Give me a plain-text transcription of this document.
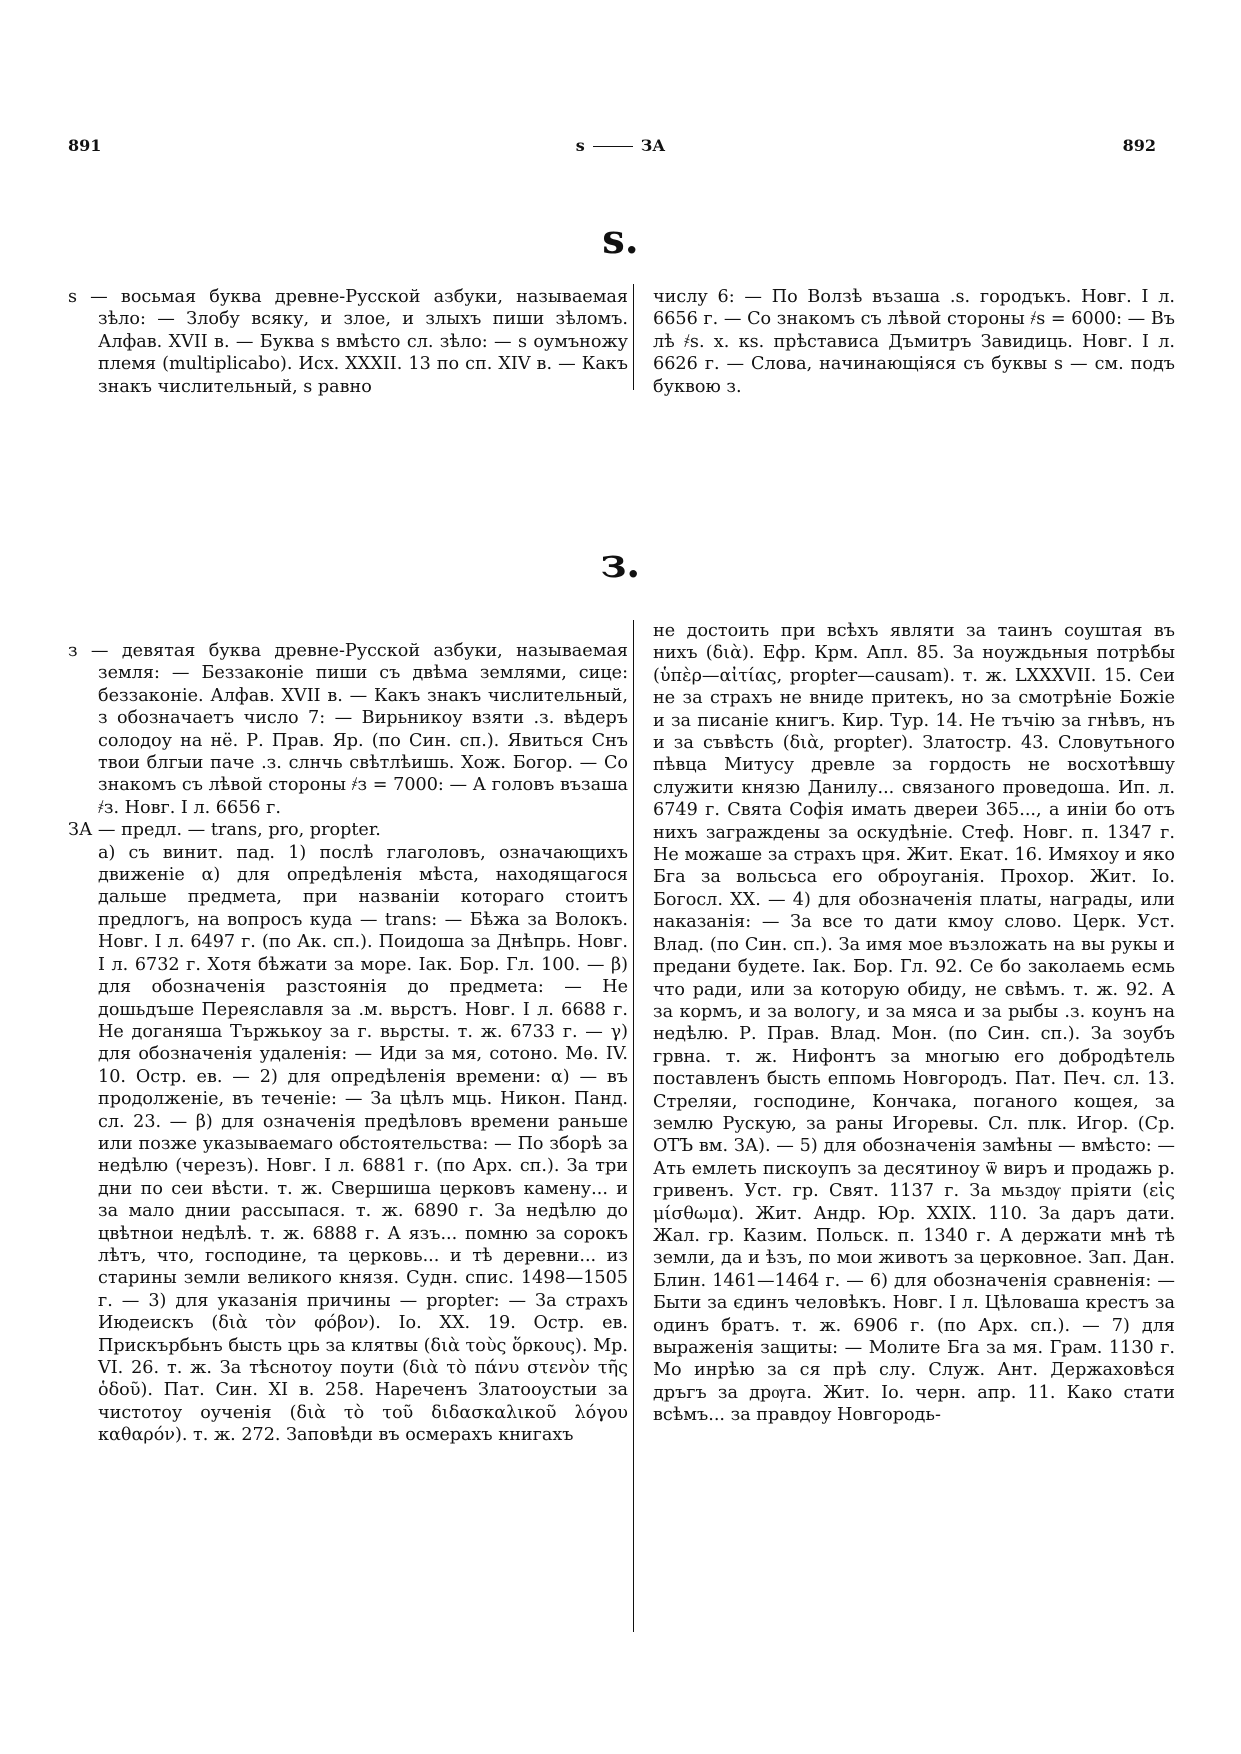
891	ѕ	ЗА	892
ѕ.

ѕ — восьмая буква древне-Русской азбуки, называемая зѣло: — Злобу всяку, и злое, и злыхъ пиши зѣломъ. Алфав. XVII в. — Буква ѕ вмѣсто сл. зѣло: — ѕ оумъножу племя (multiplicabo). Исх. XXXII. 13 по сп. XIV в. — Какъ знакъ числительный, ѕ равно

числу 6: — По Волзѣ възаша .ѕ. городъкъ. Новг. I л. 6656 г. — Со знакомъ съ лѣвой стороны ҂ѕ = 6000: — Въ лѣ ҂ѕ. х. кѕ. прѣстависа Дъмитръ Завидиць. Новг. I л. 6626 г. — Слова, начинающіяся съ буквы ѕ — см. подъ буквою з.

з.

з — девятая буква древне-Русской азбуки, называемая земля: — Беззаконіе пиши съ двѣма землями, сице: беззаконіе. Алфав. XVII в. — Какъ знакъ числительный, з обозначаетъ число 7: — Вирьникоу взяти .з. вѣдеръ солодоу на нё. Р. Прав. Яр. (по Син. сп.). Явиться Снъ твои блгыи паче .з. слнчь свѣтлѣишь. Хож. Богор. — Со знакомъ съ лѣвой стороны ҂з = 7000: — А головъ възаша ҂з. Новг. I л. 6656 г.

ЗА — предл. — trans, pro, propter.

а) съ винит. пад. 1) послѣ глаголовъ, означающихъ движеніе α) для опредѣленія мѣста, находящагося дальше предмета, при названіи котораго стоитъ предлогъ, на вопросъ куда — trans: — Бѣжа за Волокъ. Новг. I л. 6497 г. (по Ак. сп.). Поидоша за Днѣпрь. Новг. I л. 6732 г. Хотя бѣжати за море. Іак. Бор. Гл. 100. — β) для обозначенія разстоянія до предмета: — Не дошьдъше Переяславля за .м. вьрстъ. Новг. I л. 6688 г. Не доганяша Тържькоу за г. вьрсты. т. ж. 6733 г. — γ) для обозначенія удаленія: — Иди за мя, сотоно. Мѳ. IV. 10. Остр. ев. — 2) для опредѣленія времени: α) — въ продолженіе, въ теченіе: — За цѣлъ мць. Никон. Панд. сл. 23. — β) для означенія предѣловъ времени раньше или позже указываемаго обстоятельства: — По зборѣ за недѣлю (черезъ). Новг. I л. 6881 г. (по Арх. сп.). За три дни по сеи вѣсти. т. ж. Свершиша церковъ камену... и за мало днии рассыпася. т. ж. 6890 г. За недѣлю до цвѣтнои недѣлѣ. т. ж. 6888 г. А язъ... помню за сорокъ лѣтъ, что, господине, та церковь... и тѣ деревни... из старины земли великого князя. Судн. спис. 1498—1505 г. — 3) для указанія причины — propter: — За страхъ Июдеискъ (διὰ τὸν φόβον). Іо. XX. 19. Остр. ев. Прискърбьнъ бысть црь за клятвы (διὰ τοὺς ὅρκους). Мр. VI. 26. т. ж. За тѣснотоу поути (διὰ τὸ πάνυ στενὸν τῆς ὁδοῦ). Пат. Син. XI в. 258. Нареченъ Златооустыи за чистотоу оученія (διὰ τὸ τοῦ διδασκαλικοῦ λόγου καθαρόν). т. ж. 272. Заповѣди въ осмерахъ книгахъ

не достоить при всѣхъ являти за таинъ соуштая въ нихъ (διὰ). Ефр. Крм. Апл. 85. За ноуждьныя потрѣбы (ὑπὲρ—αἰτίας, propter—causam). т. ж. LXXXVII. 15. Сеи не за страхъ не вниде притекъ, но за смотрѣніе Божіе и за писаніе книгъ. Кир. Тур. 14. Не тъчію за гнѣвъ, нъ и за съвѣсть (διὰ, propter). Златостр. 43. Словутьного пѣвца Митусу древле за гордость не восхотѣвшу служити князю Данилу... связаного проведоша. Ип. л. 6749 г. Свята Софія имать двереи 365..., а иніи бо отъ нихъ заграждены за оскудѣніе. Стеф. Новг. п. 1347 г. Не можаше за страхъ цря. Жит. Екат. 16. Имяхоу и яко Бга за вольсьса его оброуганія. Прохор. Жит. Іо. Богосл. XX. — 4) для обозначенія платы, награды, или наказанія: — За все то дати кмоу слово. Церк. Уст. Влад. (по Син. сп.). За имя мое възложать на вы рукы и предани будете. Іак. Бор. Гл. 92. Се бо заколаемь есмь что ради, или за которую обиду, не свѣмъ. т. ж. 92. А за кормъ, и за вологу, и за мяса и за рыбы .з. коунъ на недѣлю. Р. Прав. Влад. Мон. (по Син. сп.). За зоубъ грвна. т. ж. Нифонтъ за многыю его добродѣтель поставленъ бысть еппомь Новгородъ. Пат. Печ. сл. 13. Стреляи, господине, Кончака, поганого кощея, за землю Рускую, за раны Игоревы. Сл. плк. Игор. (Ср. ОТЪ вм. ЗА). — 5) для обозначенія замѣны — вмѣсто: — Ать емлеть пискоупъ за десятиноу ѿ виръ и продажь р. гривенъ. Уст. гр. Свят. 1137 г. За мьздѹ пріяти (εἰς μίσθωμα). Жит. Андр. Юр. XXIX. 110. За даръ дати. Жал. гр. Казим. Польск. п. 1340 г. А держати мнѣ тѣ земли, да и ѣзъ, по мои животъ за церковное. Зап. Дан. Блин. 1461—1464 г. — 6) для обозначенія сравненія: — Быти за єдинъ человѣкъ. Новг. I л. Цѣловаша крестъ за одинъ братъ. т. ж. 6906 г. (по Арх. сп.). — 7) для выраженія защиты: — Молите Бга за мя. Грам. 1130 г. Мо инрѣю за ся прѣ слу. Служ. Ант. Держаховѣся дръгъ за дрѹга. Жит. Іо. черн. апр. 11. Како стати всѣмъ... за правдоу Новгородь-
